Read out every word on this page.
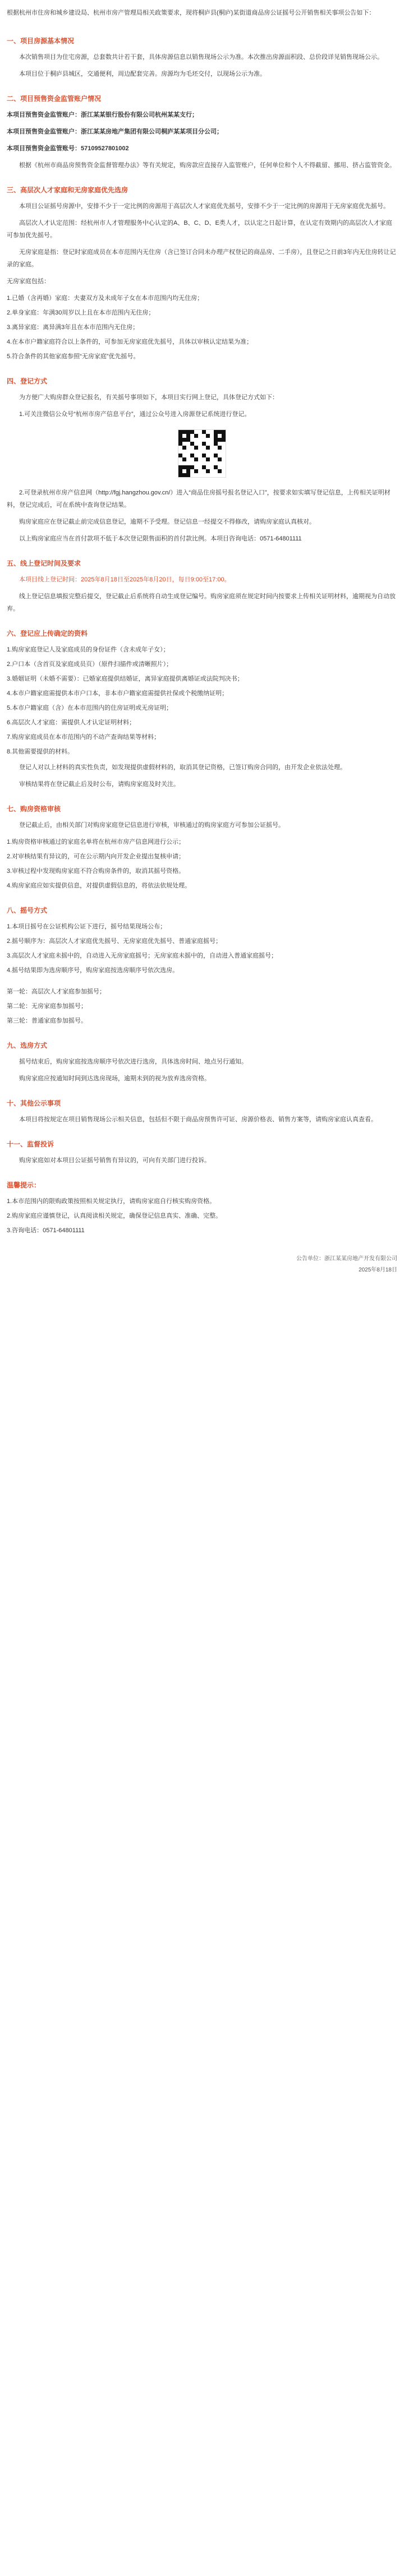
根据杭州市住房和城乡建设局、杭州市房产管理局相关政策要求，现将桐庐县(桐庐)某街道商品房公证摇号公开销售相关事项公告如下：
一、项目房源基本情况
本次销售项目为住宅房源，总套数共计若干套，具体房源信息以销售现场公示为准。本次推出房源面积段、总价段详见销售现场公示。
本项目位于桐庐县城区，交通便利，周边配套完善。房源均为毛坯交付，以现场公示为准。
二、项目预售资金监管账户情况
本项目预售资金监管账户：浙江某某银行股份有限公司杭州某某支行；
本项目预售资金监管账户：浙江某某房地产集团有限公司桐庐某某项目分公司；
本项目预售资金监管账号：57109527801002
根据《杭州市商品房预售资金监督管理办法》等有关规定，购房款应直接存入监管账户，任何单位和个人不得截留、挪用、挤占监管资金。
三、高层次人才家庭和无房家庭优先选房
本项目公证摇号房源中，安排不少于一定比例的房源用于高层次人才家庭优先摇号，安排不少于一定比例的房源用于无房家庭优先摇号。
高层次人才认定范围：经杭州市人才管理服务中心认定的A、B、C、D、E类人才，以认定之日起计算，在认定有效期内的高层次人才家庭可参加优先摇号。
无房家庭是指：登记时家庭成员在本市范围内无住房（含已签订合同未办理产权登记的商品房、二手房），且登记之日前3年内无住房转让记录的家庭。
无房家庭包括：
1.已婚（含再婚）家庭：夫妻双方及未成年子女在本市范围内均无住房；
2.单身家庭：年满30周岁以上且在本市范围内无住房；
3.离异家庭：离异满3年且在本市范围内无住房；
4.在本市户籍家庭符合以上条件的，可参加无房家庭优先摇号，具体以审核认定结果为准；
5.符合条件的其他家庭参照“无房家庭”优先摇号。
四、登记方式
为方便广大购房群众登记报名，有关摇号事项如下，本项目实行网上登记，具体登记方式如下：
1.可关注微信公众号“杭州市房产信息平台”，通过公众号进入房源登记系统进行登记。
2.可登录杭州市房产信息网（http://fgj.hangzhou.gov.cn/）进入“商品住房摇号报名登记入口”，按要求如实填写登记信息，上传相关证明材料，登记完成后，可在系统中查询登记结果。
购房家庭应在登记截止前完成信息登记，逾期不予受理。登记信息一经提交不得修改，请购房家庭认真核对。
以上购房家庭应当在首付款项不低于本次登记限售面积的首付款比例。本项目咨询电话：0571-64801111
五、线上登记时间及要求
本项目线上登记时间：2025年8月18日至2025年8月20日，每日9:00至17:00。
线上登记信息填报完整后提交，登记截止后系统将自动生成登记编号。购房家庭须在规定时间内按要求上传相关证明材料，逾期视为自动放弃。
六、登记应上传确定的资料
1.购房家庭登记人及家庭成员的身份证件（含未成年子女）；
2.户口本（含首页及家庭成员页）（原件扫描件或清晰照片）；
3.婚姻证明（未婚不需要）：已婚家庭提供结婚证，离异家庭提供离婚证或法院判决书；
4.本市户籍家庭需提供本市户口本，非本市户籍家庭需提供社保或个税缴纳证明；
5.本市户籍家庭（含）在本市范围内的住房证明或无房证明；
6.高层次人才家庭：需提供人才认定证明材料；
7.购房家庭成员在本市范围内的不动产查询结果等材料；
8.其他需要提供的材料。
登记人对以上材料的真实性负责，如发现提供虚假材料的，取消其登记资格，已签订购房合同的，由开发企业依法处理。
审核结果将在登记截止后及时公布，请购房家庭及时关注。
七、购房资格审核
登记截止后，由相关部门对购房家庭登记信息进行审核，审核通过的购房家庭方可参加公证摇号。
1.购房资格审核通过的家庭名单将在杭州市房产信息网进行公示；
2.对审核结果有异议的，可在公示期内向开发企业提出复核申请；
3.审核过程中发现购房家庭不符合购房条件的，取消其摇号资格。
4.购房家庭应如实提供信息，对提供虚假信息的，将依法依规处理。
八、摇号方式
1.本项目摇号在公证机构公证下进行，摇号结果现场公布；
2.摇号顺序为：高层次人才家庭优先摇号、无房家庭优先摇号、普通家庭摇号；
3.高层次人才家庭未摇中的，自动进入无房家庭摇号；无房家庭未摇中的，自动进入普通家庭摇号；
4.摇号结果即为选房顺序号，购房家庭按选房顺序号依次选房。
第一轮：高层次人才家庭参加摇号；
第二轮：无房家庭参加摇号；
第三轮：普通家庭参加摇号。
九、选房方式
摇号结束后，购房家庭按选房顺序号依次进行选房，具体选房时间、地点另行通知。
购房家庭应按通知时间到达选房现场，逾期未到的视为放弃选房资格。
十、其他公示事项
本项目将按规定在项目销售现场公示相关信息，包括但不限于商品房预售许可证、房源价格表、销售方案等，请购房家庭认真查看。
十一、监督投诉
购房家庭如对本项目公证摇号销售有异议的，可向有关部门进行投诉。
温馨提示：
1.本市范围内的限购政策按照相关规定执行，请购房家庭自行核实购房资格。
2.购房家庭应谨慎登记，认真阅读相关规定，确保登记信息真实、准确、完整。
3.咨询电话：0571-64801111
公告单位：浙江某某房地产开发有限公司
2025年8月18日
